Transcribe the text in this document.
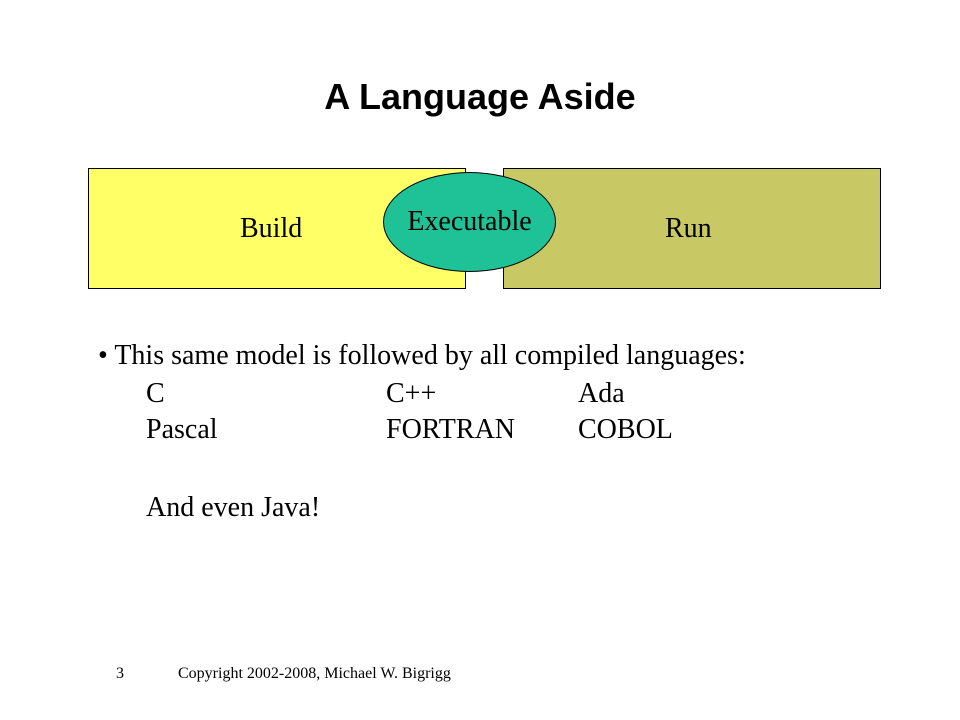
A Language Aside
Build	Run
Executable
• This same model is followed by all compiled languages:
C	C++	Ada
Pascal	FORTRAN COBOL
And even Java!
3	Copyright 2002-2008, Michael W. Bigrigg
